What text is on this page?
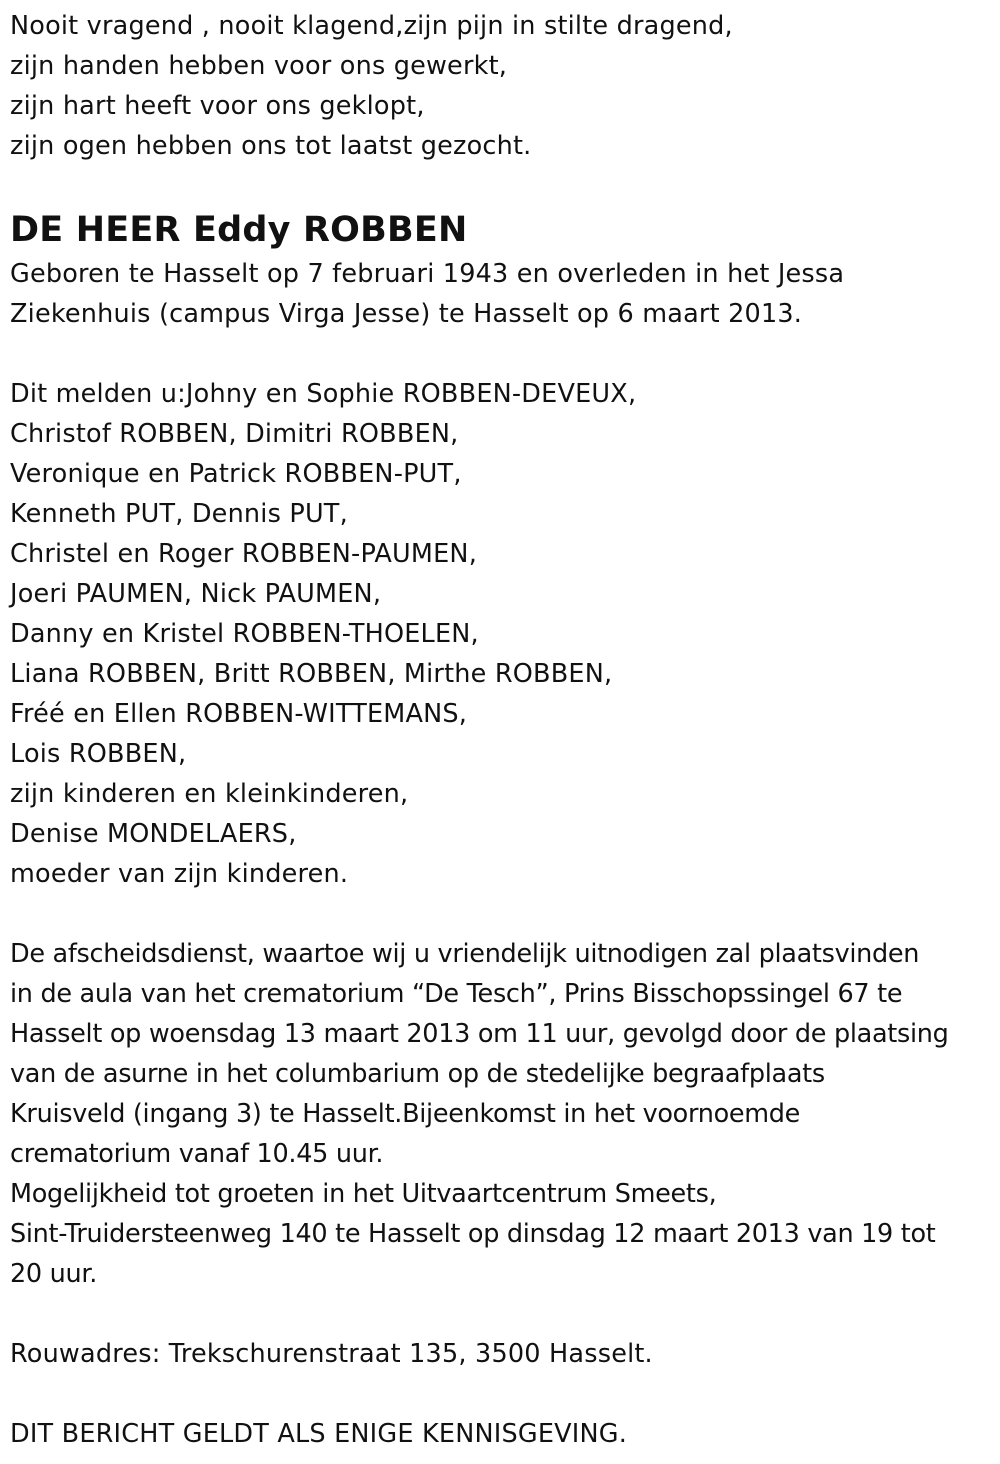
Nooit vragend , nooit klagend,zijn pijn in stilte dragend,
zijn handen hebben voor ons gewerkt,
zijn hart heeft voor ons geklopt,
zijn ogen hebben ons tot laatst gezocht.
DE HEER Eddy ROBBEN
Geboren te Hasselt op 7 februari 1943 en overleden in het Jessa
Ziekenhuis (campus Virga Jesse) te Hasselt op 6 maart 2013.
Dit melden u:Johny en Sophie ROBBEN-DEVEUX,
Christof ROBBEN, Dimitri ROBBEN,
Veronique en Patrick ROBBEN-PUT,
Kenneth PUT, Dennis PUT,
Christel en Roger ROBBEN-PAUMEN,
Joeri PAUMEN, Nick PAUMEN,
Danny en Kristel ROBBEN-THOELEN,
Liana ROBBEN, Britt ROBBEN, Mirthe ROBBEN,
Fréé en Ellen ROBBEN-WITTEMANS,
Lois ROBBEN,
zijn kinderen en kleinkinderen,
Denise MONDELAERS,
moeder van zijn kinderen.
De afscheidsdienst, waartoe wij u vriendelijk uitnodigen zal plaatsvinden
in de aula van het crematorium “De Tesch”, Prins Bisschopssingel 67 te
Hasselt op woensdag 13 maart 2013 om 11 uur, gevolgd door de plaatsing
van de asurne in het columbarium op de stedelijke begraafplaats
Kruisveld (ingang 3) te Hasselt.Bijeenkomst in het voornoemde
crematorium vanaf 10.45 uur.
Mogelijkheid tot groeten in het Uitvaartcentrum Smeets,
Sint-Truidersteenweg 140 te Hasselt op dinsdag 12 maart 2013 van 19 tot
20 uur.
Rouwadres: Trekschurenstraat 135, 3500 Hasselt.
DIT BERICHT GELDT ALS ENIGE KENNISGEVING.
